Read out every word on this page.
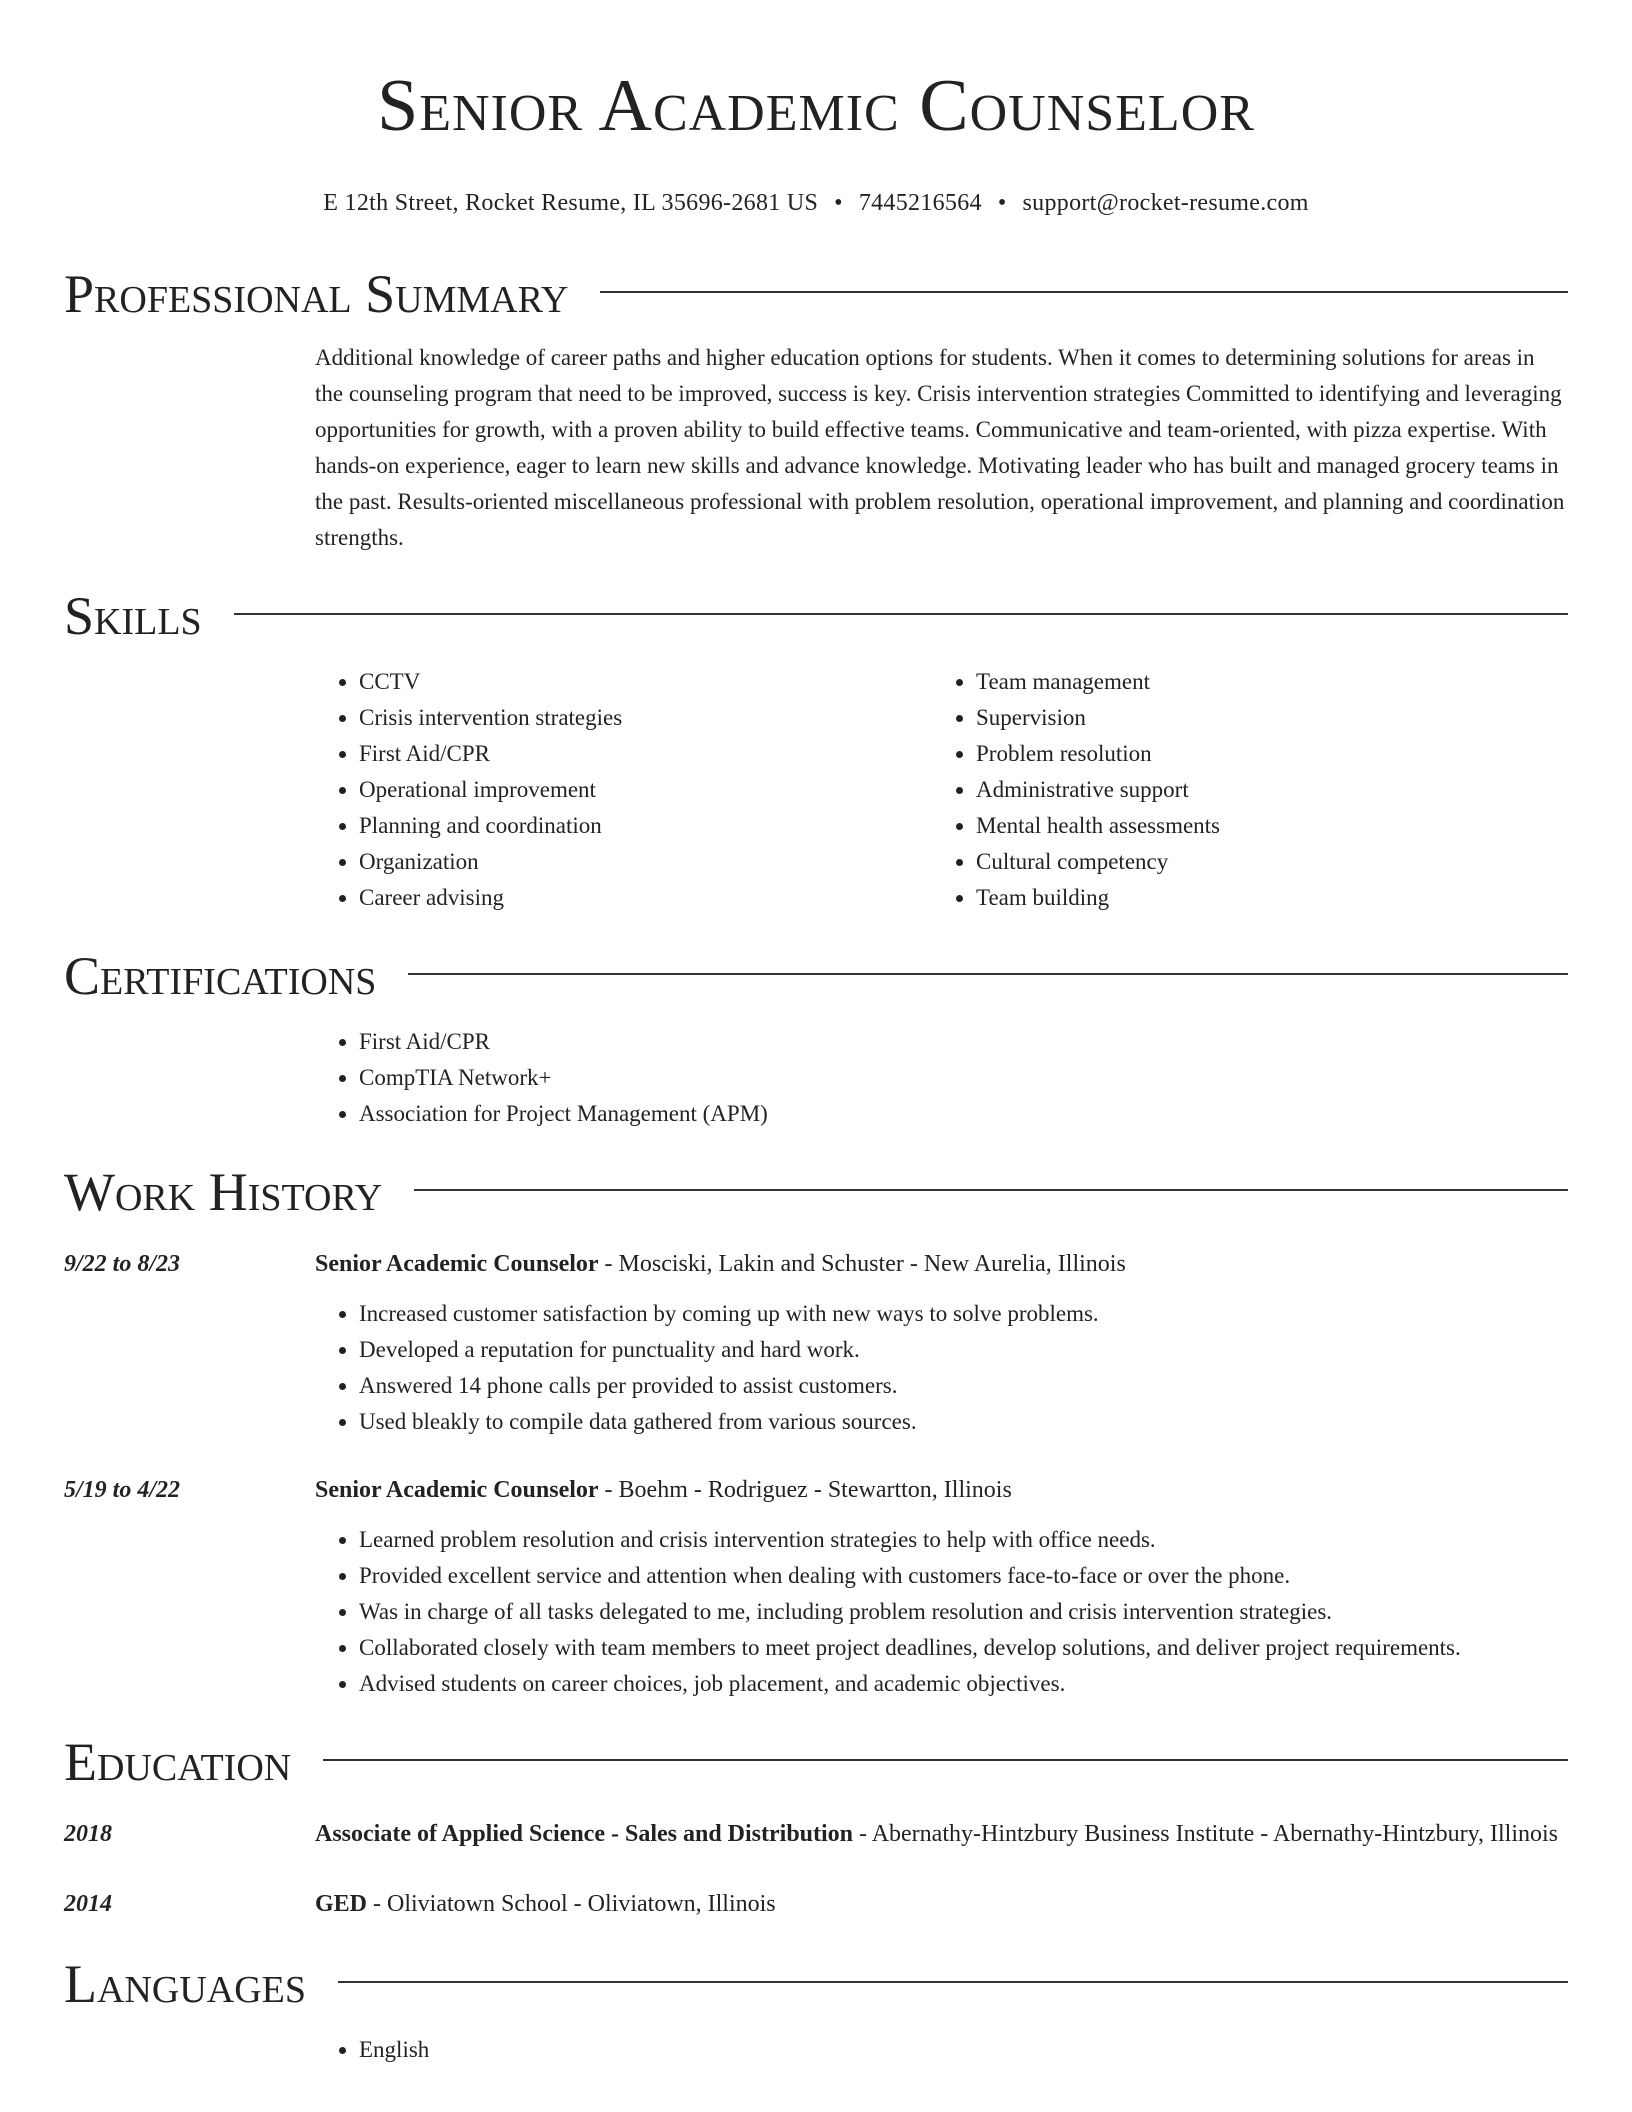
Senior Academic Counselor
E 12th Street, Rocket Resume, IL 35696-2681 US • 7445216564 • support@rocket-resume.com
Professional Summary
Additional knowledge of career paths and higher education options for students. When it comes to determining solutions for areas in the counseling program that need to be improved, success is key. Crisis intervention strategies Committed to identifying and leveraging opportunities for growth, with a proven ability to build effective teams. Communicative and team-oriented, with pizza expertise. With hands-on experience, eager to learn new skills and advance knowledge. Motivating leader who has built and managed grocery teams in the past. Results-oriented miscellaneous professional with problem resolution, operational improvement, and planning and coordination strengths.
Skills
• CCTV
• Crisis intervention strategies
• First Aid/CPR
• Operational improvement
• Planning and coordination
• Organization
• Career advising
• Team management
• Supervision
• Problem resolution
• Administrative support
• Mental health assessments
• Cultural competency
• Team building
Certifications
• First Aid/CPR
• CompTIA Network+
• Association for Project Management (APM)
Work History
9/22 to 8/23	Senior Academic Counselor - Mosciski, Lakin and Schuster - New Aurelia, Illinois
• Increased customer satisfaction by coming up with new ways to solve problems.
• Developed a reputation for punctuality and hard work.
• Answered 14 phone calls per provided to assist customers.
• Used bleakly to compile data gathered from various sources.
5/19 to 4/22	Senior Academic Counselor - Boehm - Rodriguez - Stewartton, Illinois
• Learned problem resolution and crisis intervention strategies to help with office needs.
• Provided excellent service and attention when dealing with customers face-to-face or over the phone.
• Was in charge of all tasks delegated to me, including problem resolution and crisis intervention strategies.
• Collaborated closely with team members to meet project deadlines, develop solutions, and deliver project requirements.
• Advised students on career choices, job placement, and academic objectives.
Education
2018	Associate of Applied Science - Sales and Distribution - Abernathy-Hintzbury Business Institute - Abernathy-Hintzbury, Illinois
2014	GED - Oliviatown School - Oliviatown, Illinois
Languages
• English
